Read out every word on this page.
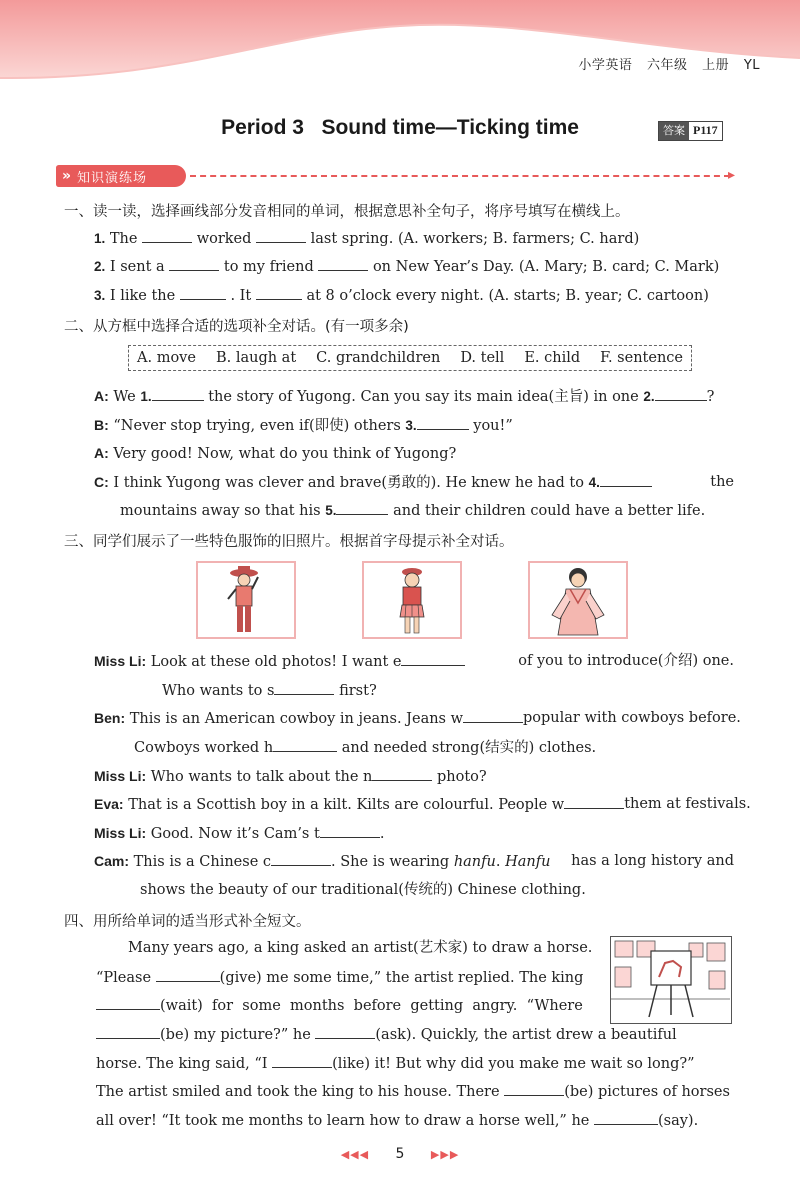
小学英语 六年级 上册 YL
Period 3   Sound time—Ticking time	答案 P117
» 知识演练场	▸
一、读一读，选择画线部分发音相同的单词，根据意思补全句子，将序号填写在横线上。
1. The	worked	last spring. (A. workers; B. farmers; C. hard)
2. I sent a	to my friend	on New Year’s Day. (A. Mary; B. card; C. Mark)
3. I like the	. It	at 8 o’clock every night. (A. starts; B. year; C. cartoon)
二、从方框中选择合适的选项补全对话。(有一项多余)
A. move B. laugh at C. grandchildren D. tell E. child F. sentence
A: We 1.	the story of Yugong. Can you say its main idea(主旨) in one 2.	?
B: “Never stop trying, even if(即使) others 3.	you!”
A: Very good! Now, what do you think of Yugong?
C: I think Yugong was clever and brave(勇敢的). He knew he had to 4.	the
mountains away so that his 5.	and their children could have a better life.
三、同学们展示了一些特色服饰的旧照片。根据首字母提示补全对话。
Miss Li: Look at these old photos! I want e	of you to introduce(介绍) one.
Who wants to s	first?
Ben: This is an American cowboy in jeans. Jeans w	popular with cowboys before.
Cowboys worked h	and needed strong(结实的) clothes.
Miss Li: Who wants to talk about the n	photo?
Eva: That is a Scottish boy in a kilt. Kilts are colourful. People w	them at festivals.
Miss Li: Good. Now it’s Cam’s t	.
Cam: This is a Chinese c	. She is wearing hanfu. Hanfu has a long history and
shows the beauty of our traditional(传统的) Chinese clothing.
四、用所给单词的适当形式补全短文。
Many years ago, a king asked an artist(艺术家) to draw a horse.
“Please	(give) me some time,” the artist replied. The king
(wait)  for  some  months  before  getting  angry.  “Where
(be) my picture?” he	(ask). Quickly, the artist drew a beautiful
horse. The king said, “I	(like) it! But why did you make me wait so long?”
The artist smiled and took the king to his house. There	(be) pictures of horses
all over! “It took me months to learn how to draw a horse well,” he	(say).
◀◀◀ 5 ▶▶▶
